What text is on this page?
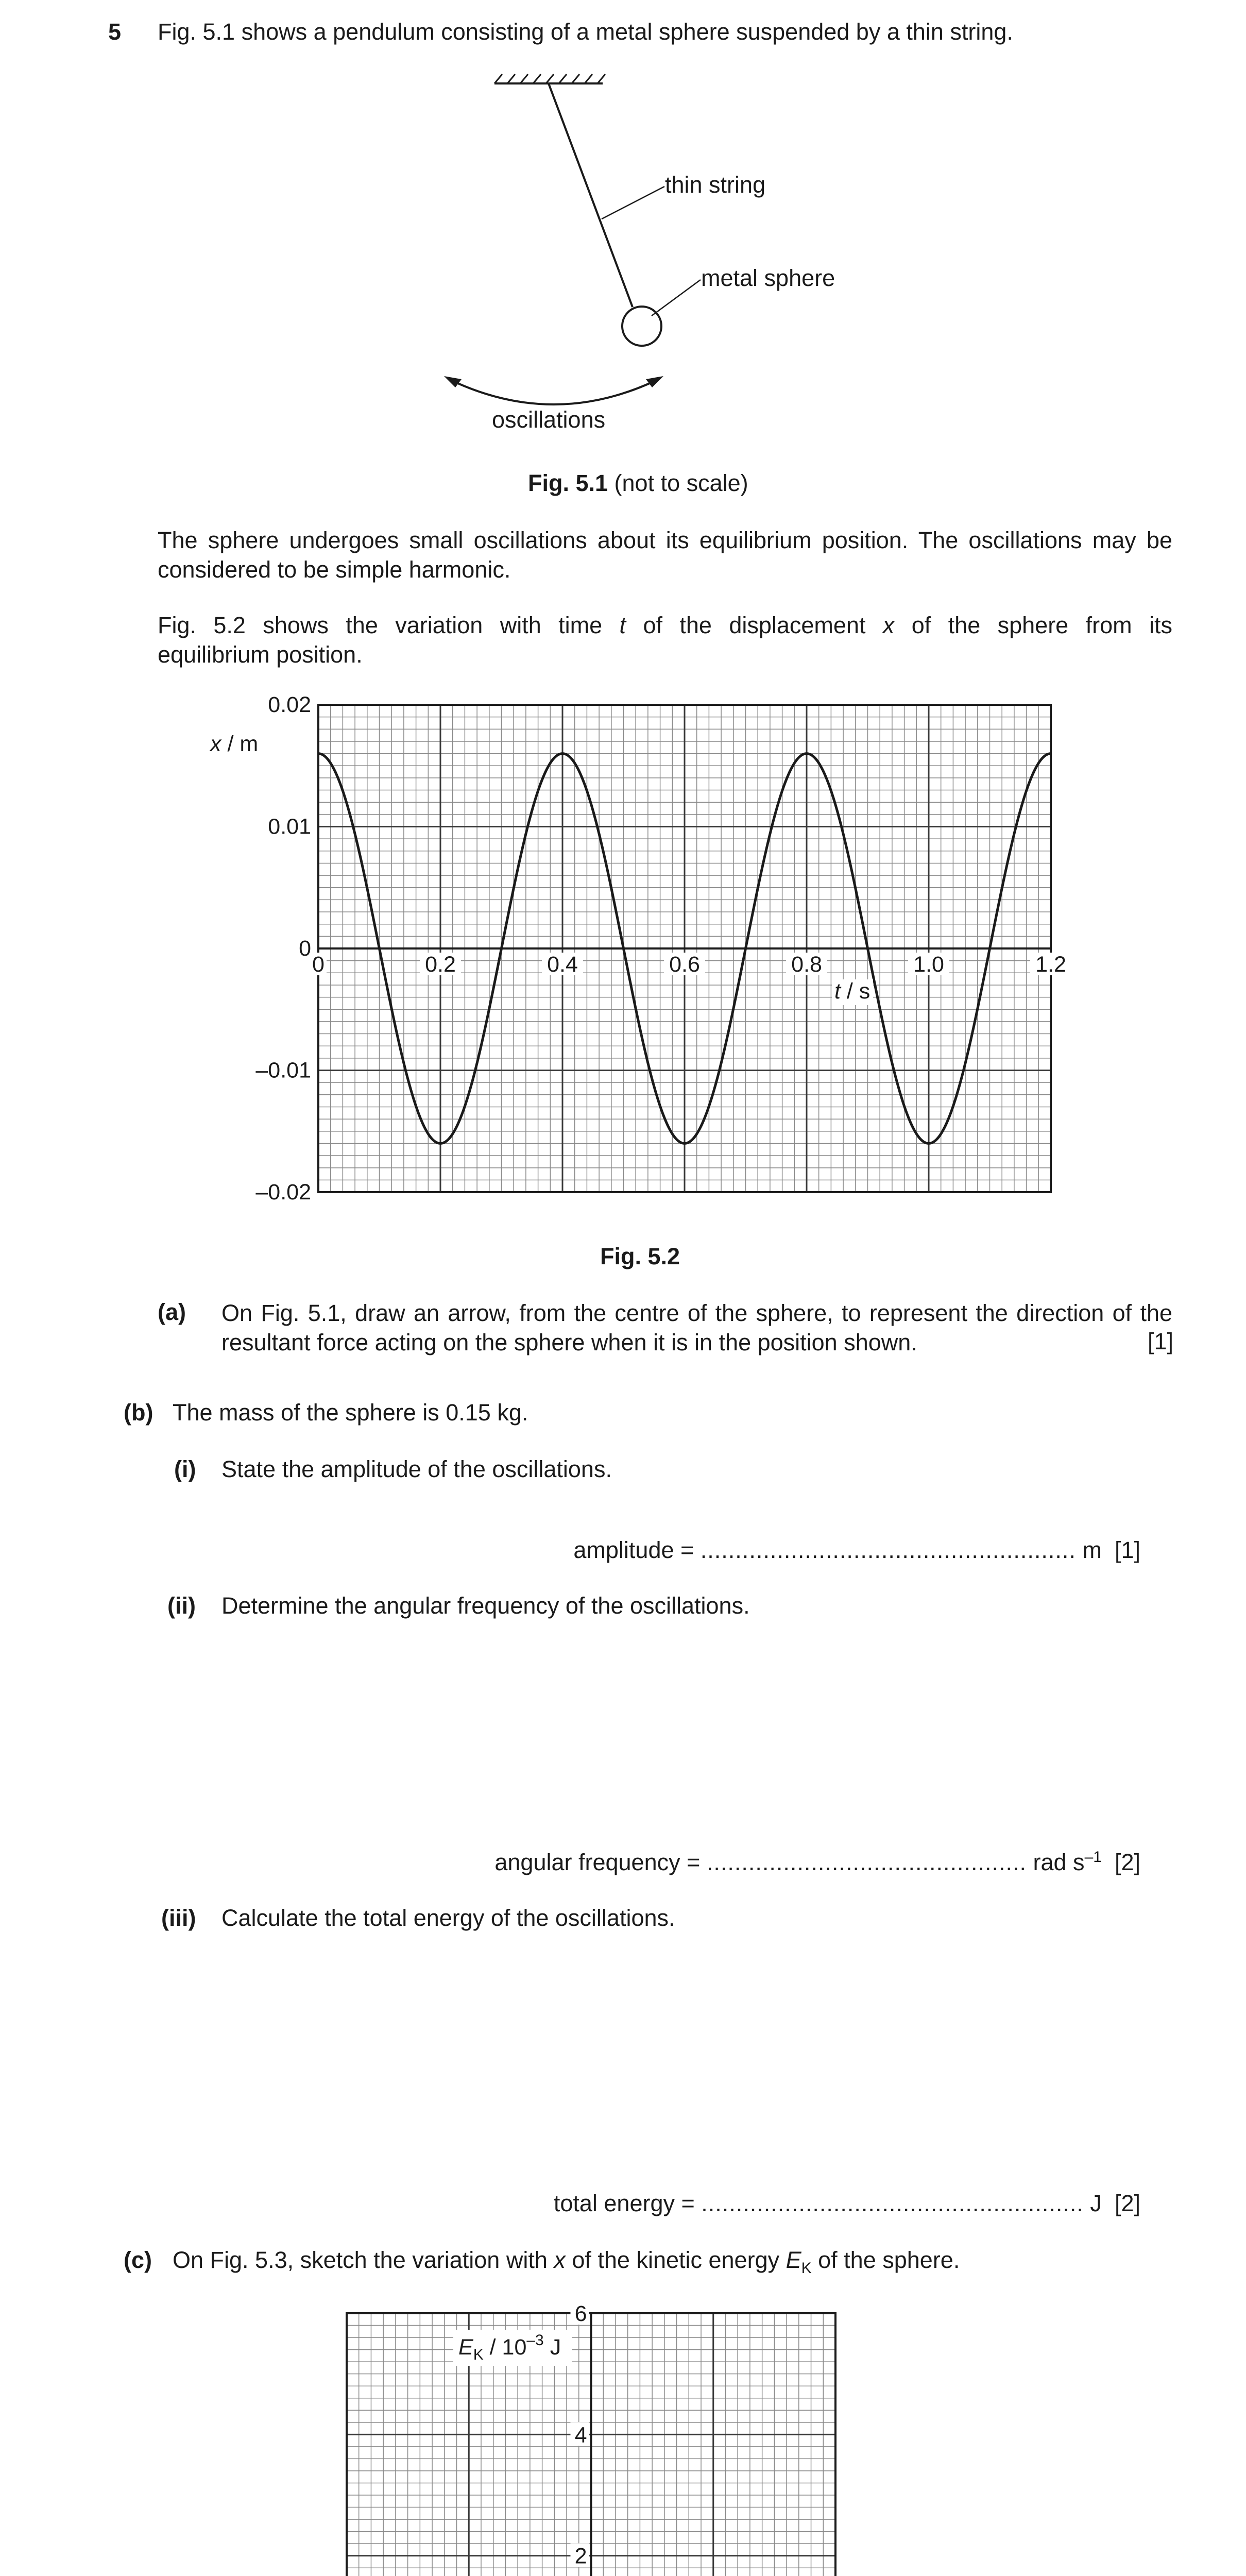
5 Fig. 5.1 shows a pendulum consisting of a metal sphere suspended by a thin string.
thin string
metal sphere
oscillations
Fig. 5.1 (not to scale)
The sphere undergoes small oscillations about its equilibrium position. The oscillations may be
considered to be simple harmonic.
Fig. 5.2 shows the variation with time t of the displacement x of the sphere from its
equilibrium position.
0	0.2	0.4	0.6	0.8	1.0	1.2
0.02
0.01
0
–0.01
–0.02
x / m
t / s
Fig. 5.2
(a) On Fig. 5.1, draw an arrow, from the centre of the sphere, to represent the direction of the
resultant force acting on the sphere when it is in the position shown.	[1]
(b) The mass of the sphere is 0.15 kg.
(i) State the amplitude of the oscillations.
amplitude = ...................................................... m [1]
(ii) Determine the angular frequency of the oscillations.
angular frequency = .............................................. rad $s^{-1}$ [2]
(iii) Calculate the total energy of the oscillations.
total energy = ....................................................... J [2]
(c) On Fig. 5.3, sketch the variation with x of the kinetic energy $E_K$ of the sphere.
6
4
2
$E_K / 10^{-3}$ J
